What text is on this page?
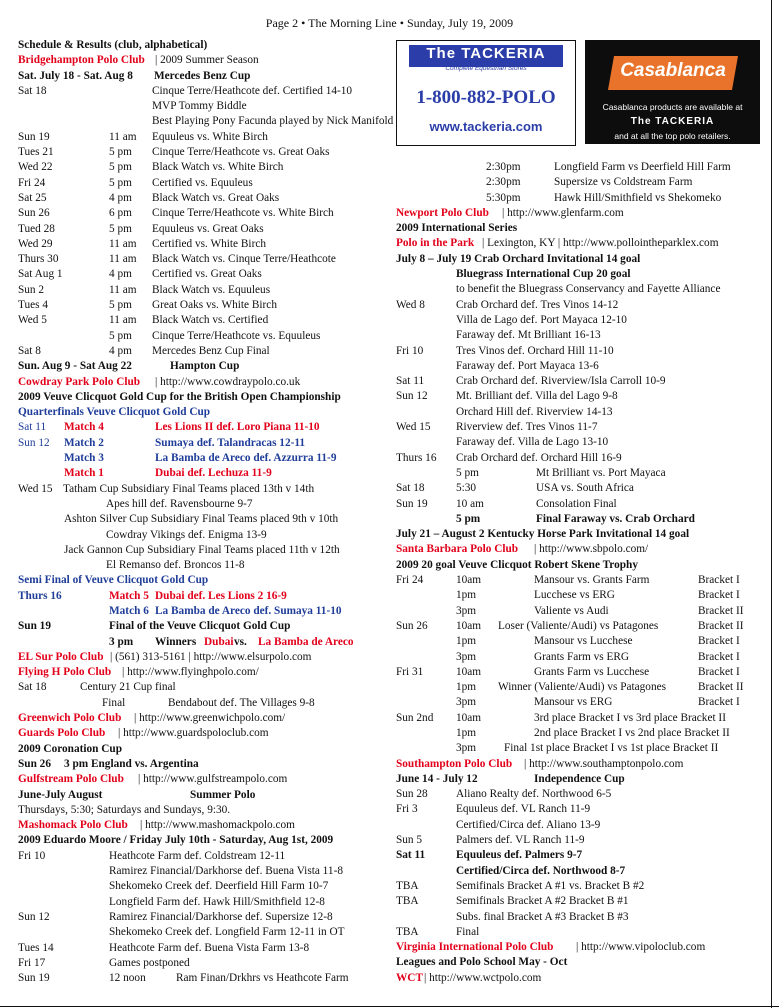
Page 2 • The Morning Line • Sunday, July 19, 2009
Schedule & Results (club, alphabetical)
Bridgehampton Polo Club | 2009 Summer Season
Sat. July 18 - Sat. Aug 8 Mercedes Benz Cup
Sat 18	Cinque Terre/Heathcote def. Certified 14-10
MVP Tommy Biddle
Best Playing Pony Facunda played by Nick Manifold
Sun 19	11 am Equuleus vs. White Birch
Tues 21	5 pm Cinque Terre/Heathcote vs. Great Oaks
Wed 22	5 pm Black Watch vs. White Birch
Fri 24	5 pm Certified vs. Equuleus
Sat 25	4 pm Black Watch vs. Great Oaks
Sun 26	6 pm Cinque Terre/Heathcote vs. White Birch
Tued 28	5 pm Equuleus vs. Great Oaks
Wed 29	11 am Certified vs. White Birch
Thurs 30	11 am Black Watch vs. Cinque Terre/Heathcote
Sat Aug 1	4 pm Certified vs. Great Oaks
Sun 2	11 am Black Watch vs. Equuleus
Tues 4	5 pm Great Oaks vs. White Birch
Wed 5	11 am Black Watch vs. Certified
5 pm Cinque Terre/Heathcote vs. Equuleus
Sat 8	4 pm Mercedes Benz Cup Final
Sun. Aug 9 - Sat Aug 22	Hampton Cup
Cowdray Park Polo Club | http://www.cowdraypolo.co.uk
2009 Veuve Clicquot Gold Cup for the British Open Championship
Quarterfinals Veuve Clicquot Gold Cup
Sat 11 Match 4	Les Lions II def. Loro Piana 11-10
Sun 12 Match 2	Sumaya def. Talandracas 12-11
Match 3	La Bamba de Areco def. Azzurra 11-9
Match 1	Dubai def. Lechuza 11-9
Wed 15 Tatham Cup Subsidiary Final Teams placed 13th v 14th
Apes hill def. Ravensbourne 9-7
Ashton Silver Cup Subsidiary Final Teams placed 9th v 10th
Cowdray Vikings def. Enigma 13-9
Jack Gannon Cup Subsidiary Final Teams placed 11th v 12th
El Remanso def. Broncos 11-8
Semi Final of Veuve Clicquot Gold Cup
Thurs 16	Match 5 Dubai def. Les Lions 2 16-9
Match 6 La Bamba de Areco def. Sumaya 11-10
Sun 19	Final of the Veuve Clicquot Gold Cup
3 pm Winners Dubai vs. La Bamba de Areco
EL Sur Polo Club | (561) 313-5161 | http://www.elsurpolo.com
Flying H Polo Club | http://www.flyinghpolo.com/
Sat 18	Century 21 Cup final
Final	Bendabout def. The Villages 9-8
Greenwich Polo Club | http://www.greenwichpolo.com/
Guards Polo Club | http://www.guardspoloclub.com
2009 Coronation Cup
Sun 26 3 pm England vs. Argentina
Gulfstream Polo Club | http://www.gulfstreampolo.com
June-July August	Summer Polo
Thursdays, 5:30; Saturdays and Sundays, 9:30.
Mashomack Polo Club | http://www.mashomackpolo.com
2009 Eduardo Moore / Friday July 10th - Saturday, Aug 1st, 2009
Fri 10	Heathcote Farm def. Coldstream 12-11
Ramirez Financial/Darkhorse def. Buena Vista 11-8
Shekomeko Creek def. Deerfield Hill Farm 10-7
Longfield Farm def. Hawk Hill/Smithfield 12-8
Sun 12	Ramirez Financial/Darkhorse def. Supersize 12-8
Shekomeko Creek def. Longfield Farm 12-11 in OT
Tues 14	Heathcote Farm def. Buena Vista Farm 13-8
Fri 17	Games postponed
Sun 19	12 noon	Ram Finan/Drkhrs vs Heathcote Farm
The TACKERIA
Complete Equestrian Stores
1-800-882-POLO
www.tackeria.com
Casablanca
Casablanca products are available at
The TACKERIA
and at all the top polo retailers.
2:30pm	Longfield Farm vs Deerfield Hill Farm
2:30pm	Supersize vs Coldstream Farm
5:30pm	Hawk Hill/Smithfield vs Shekomeko
Newport Polo Club | http://www.glenfarm.com
2009 International Series
Polo in the Park | Lexington, KY | http://www.pollointheparklex.com
July 8 – July 19 Crab Orchard Invitational 14 goal
Bluegrass International Cup 20 goal
to benefit the Bluegrass Conservancy and Fayette Alliance
Wed 8	Crab Orchard def. Tres Vinos 14-12
Villa de Lago def. Port Mayaca 12-10
Faraway def. Mt Brilliant 16-13
Fri 10	Tres Vinos def. Orchard Hill 11-10
Faraway def. Port Mayaca 13-6
Sat 11	Crab Orchard def. Riverview/Isla Carroll 10-9
Sun 12	Mt. Brilliant def. Villa del Lago 9-8
Orchard Hill def. Riverview 14-13
Wed 15 Riverview def. Tres Vinos 11-7
Faraway def. Villa de Lago 13-10
Thurs 16 Crab Orchard def. Orchard Hill 16-9
5 pm	Mt Brilliant vs. Port Mayaca
Sat 18	5:30	USA vs. South Africa
Sun 19	10 am	Consolation Final
5 pm	Final Faraway vs. Crab Orchard
July 21 – August 2 Kentucky Horse Park Invitational 14 goal
Santa Barbara Polo Club | http://www.sbpolo.com/
2009 20 goal Veuve Clicquot Robert Skene Trophy
Fri 24	10am	Mansour vs. Grants Farm	Bracket I
1pm	Lucchese vs ERG	Bracket I
3pm	Valiente vs Audi	Bracket II
Sun 26	10am Loser (Valiente/Audi) vs Patagones	Bracket II
1pm	Mansour vs Lucchese	Bracket I
3pm	Grants Farm vs ERG	Bracket I
Fri 31	10am	Grants Farm vs Lucchese	Bracket I
1pm Winner (Valiente/Audi) vs Patagones	Bracket II
3pm	Mansour vs ERG	Bracket I
Sun 2nd 10am	3rd place Bracket I vs 3rd place Bracket II
1pm	2nd place Bracket I vs 2nd place Bracket II
3pm Final 1st place Bracket I vs 1st place Bracket II
Southampton Polo Club | http://www.southamptonpolo.com
June 14 - July 12	Independence Cup
Sun 28	Aliano Realty def. Northwood 6-5
Fri 3	Equuleus def. VL Ranch 11-9
Certified/Circa def. Aliano 13-9
Sun 5	Palmers def. VL Ranch 11-9
Sat 11	Equuleus def. Palmers 9-7
Certified/Circa def. Northwood 8-7
TBA	Semifinals Bracket A #1 vs. Bracket B #2
TBA	Semifinals Bracket A #2 Bracket B #1
Subs. final Bracket A #3 Bracket B #3
TBA	Final
Virginia International Polo Club | http://www.vipoloclub.com
Leagues and Polo School May - Oct
WCT | http://www.wctpolo.com
